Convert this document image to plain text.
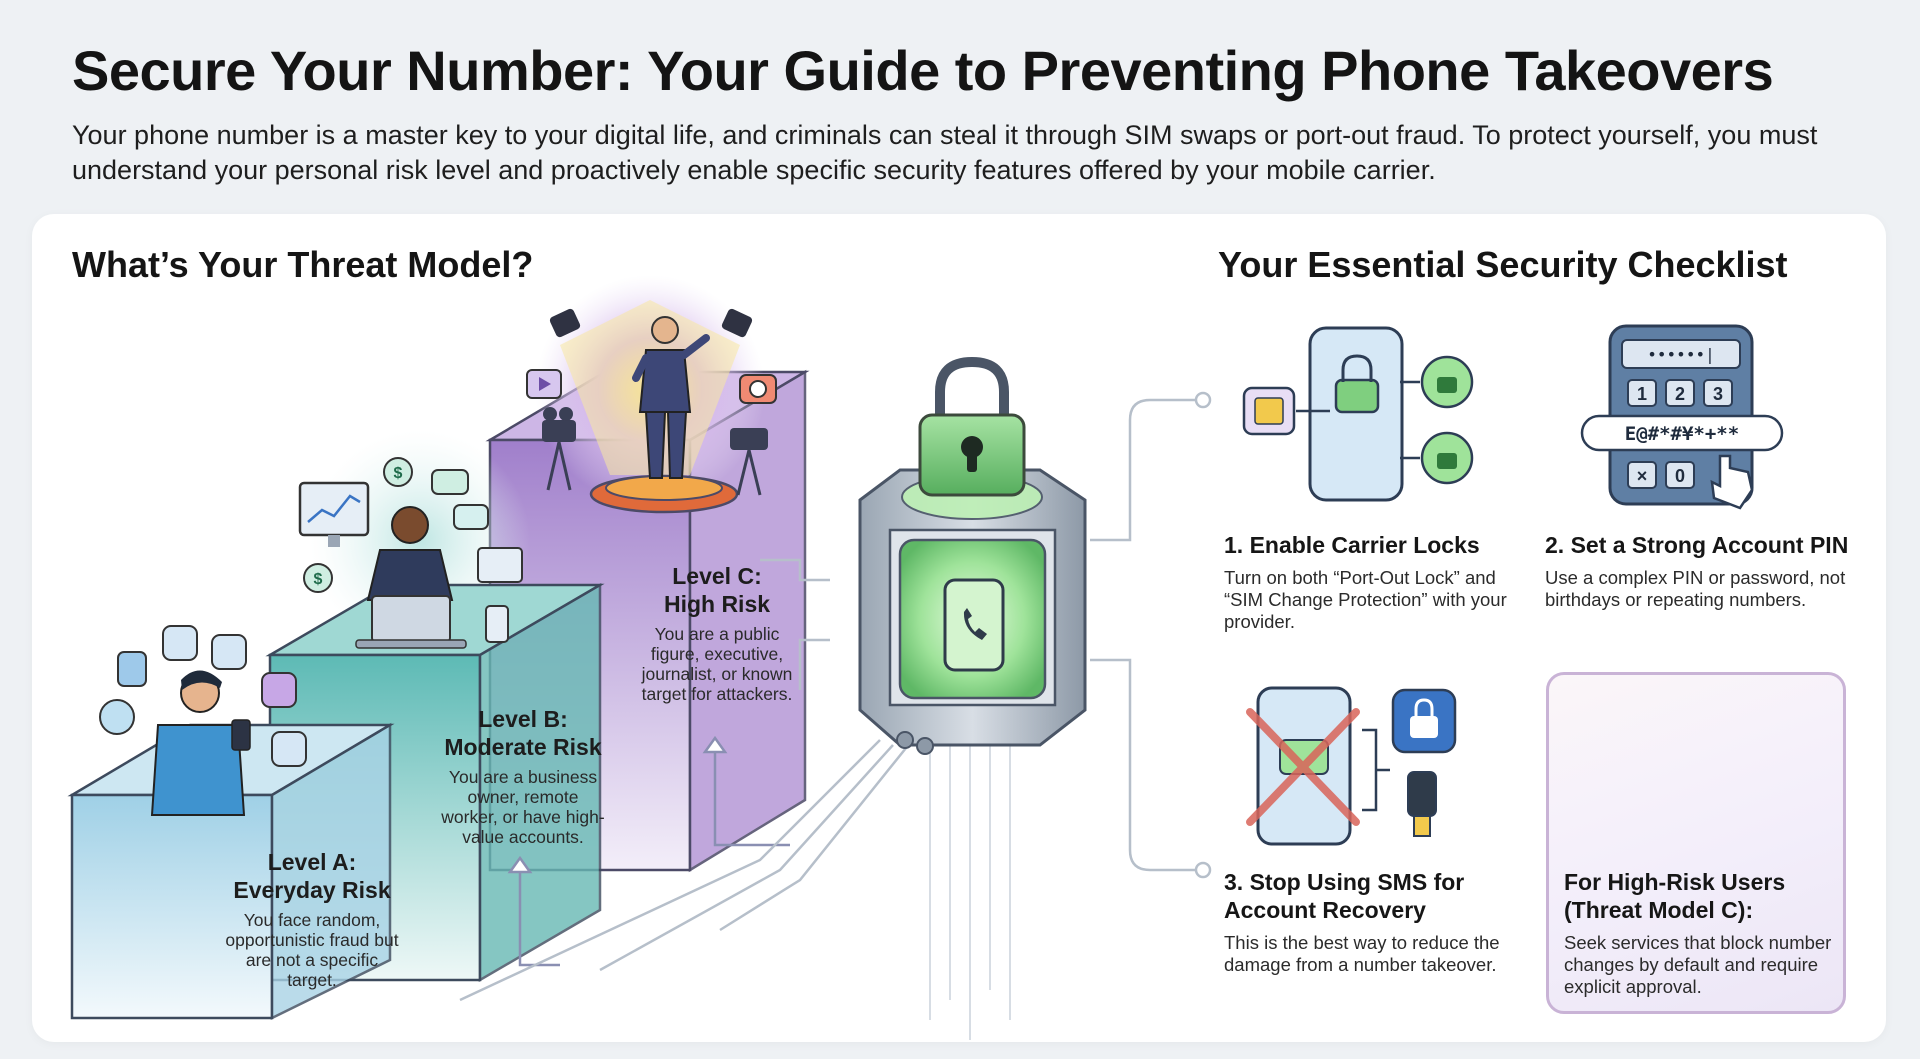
Secure Your Number: Your Guide to Preventing Phone Takeovers

Your phone number is a master key to your digital life, and criminals can steal it through SIM swaps or port-out fraud. To protect yourself, you must understand your personal risk level and proactively enable specific security features offered by your mobile carrier.

What’s Your Threat Model?	Your Essential Security Checklist
$
$
••••••|
1 2 3
× 0
E@#*#¥*+**
Level A:
Everyday Risk
You face random, opportunistic fraud but are not a specific target.
Level B:
Moderate Risk
You are a business owner, remote worker, or have high-value accounts.
Level C:
High Risk
You are a public figure, executive, journalist, or known target for attackers.
1. Enable Carrier Locks
Turn on both “Port-Out Lock” and “SIM Change Protection” with your provider.
2. Set a Strong Account PIN
Use a complex PIN or password, not birthdays or repeating numbers.
3. Stop Using SMS for Account Recovery
This is the best way to reduce the damage from a number takeover.
For High-Risk Users (Threat Model C):
Seek services that block number changes by default and require explicit approval.
